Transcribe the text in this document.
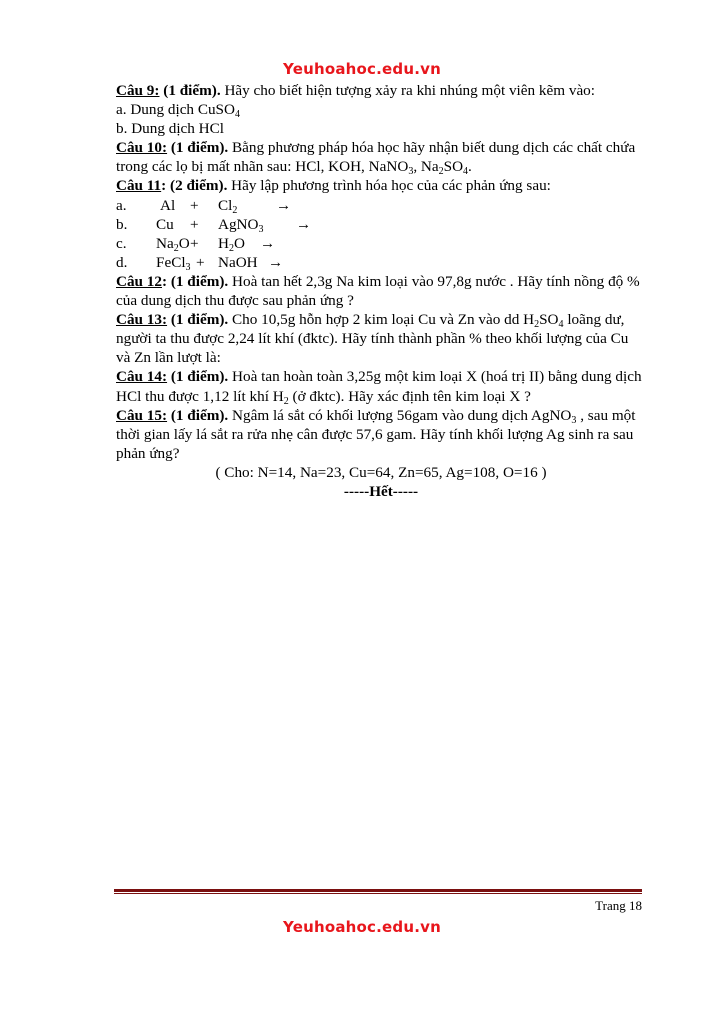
Yeuhoahoc.edu.vn
Câu 9: (1 điểm). Hãy cho biết hiện tượng xảy ra khi nhúng một viên kẽm vào:
a. Dung dịch CuSO$_4$
b. Dung dịch HCl
Câu 10: (1 điểm). Bằng phương pháp hóa học hãy nhận biết dung dịch các chất chứa trong các lọ bị mất nhãn sau: HCl, KOH, NaNO$_3$, $Na_2SO_4$.
Câu 11: (2 điểm). Hãy lập phương trình hóa học của các phản ứng sau:
a.	Al +	$Cl_2$	→
b.	Cu	+	AgNO$_3$	→
c.	$Na_2O$ +	$H_2O$ →
d.	FeCl$_3$ + NaOH →
Câu 12: (1 điểm). Hoà tan hết 2,3g Na kim loại vào 97,8g nước . Hãy tính nồng độ % của dung dịch thu được sau phản ứng ?
Câu 13: (1 điểm). Cho 10,5g hỗn hợp 2 kim loại Cu và Zn vào dd $H_2SO_4$ loãng dư, người ta thu được 2,24 lít khí (đktc). Hãy tính thành phần % theo khối lượng của Cu và Zn lần lượt là:
Câu 14: (1 điểm). Hoà tan hoàn toàn 3,25g một kim loại X (hoá trị II) bằng dung dịch HCl thu được 1,12 lít khí $H_2$ (ở đktc). Hãy xác định tên kim loại X ?
Câu 15: (1 điểm). Ngâm lá sắt có khối lượng 56gam vào dung dịch AgNO$_3$ , sau một thời gian lấy lá sắt ra rửa nhẹ cân được 57,6 gam. Hãy tính khối lượng Ag sinh ra sau phản ứng?
( Cho: N=14, Na=23, Cu=64, Zn=65, Ag=108, O=16 )
-----Hết-----
Trang 18
Yeuhoahoc.edu.vn
